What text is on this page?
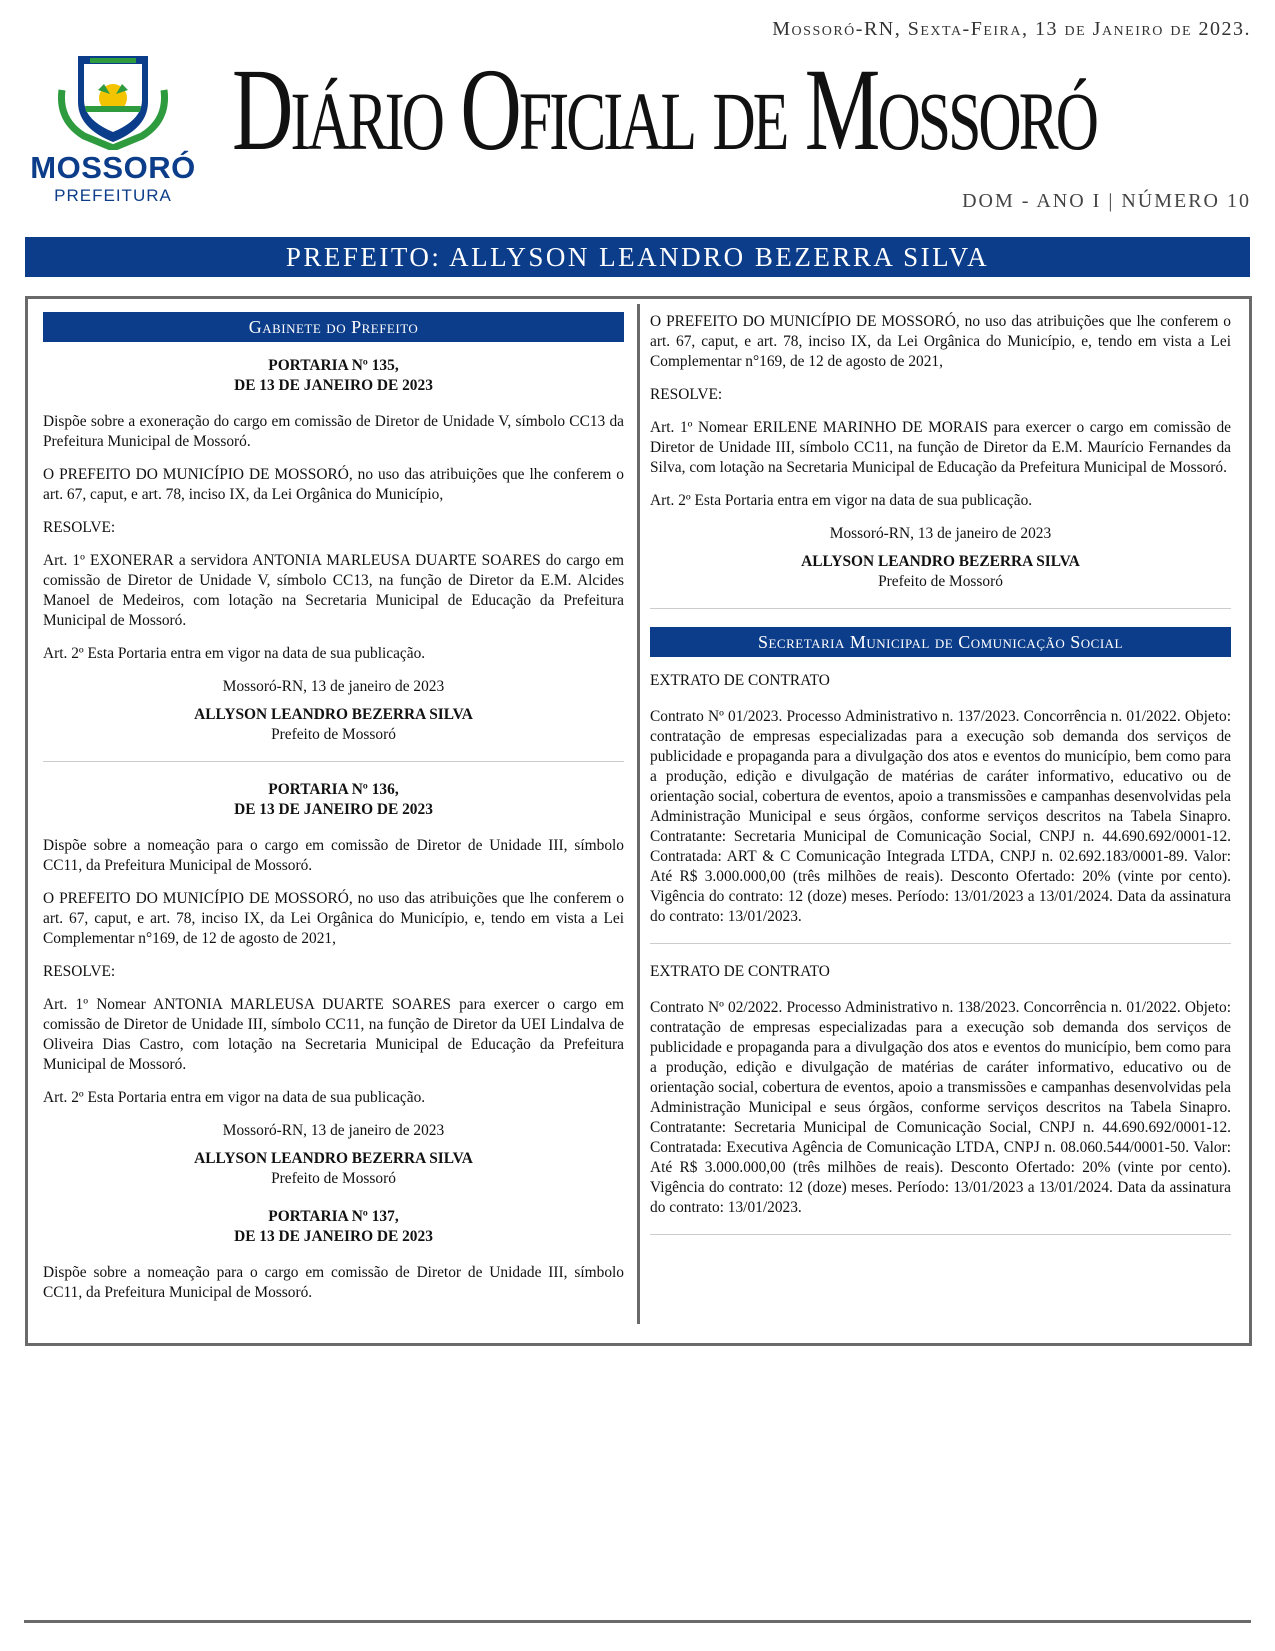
MOSSORÓ
PREFEITURA
Mossoró-RN, Sexta-Feira, 13 de Janeiro de 2023.
Diário Oficial de Mossoró
DOM - ANO I | NÚMERO 10
PREFEITO: ALLYSON LEANDRO BEZERRA SILVA
Gabinete do Prefeito

PORTARIA Nº 135,

DE 13 DE JANEIRO DE 2023

Dispõe sobre a exoneração do cargo em comissão de Diretor de Unidade V, símbolo CC13 da Prefeitura Municipal de Mossoró.

O PREFEITO DO MUNICÍPIO DE MOSSORÓ, no uso das atribuições que lhe conferem o art. 67, caput, e art. 78, inciso IX, da Lei Orgânica do Município,

RESOLVE:

Art. 1º EXONERAR a servidora ANTONIA MARLEUSA DUARTE SOARES do cargo em comissão de Diretor de Unidade V, símbolo CC13, na função de Diretor da E.M. Alcides Manoel de Medeiros, com lotação na Secretaria Municipal de Educação da Prefeitura Municipal de Mossoró.

Art. 2º Esta Portaria entra em vigor na data de sua publicação.

Mossoró-RN, 13 de janeiro de 2023

ALLYSON LEANDRO BEZERRA SILVA

Prefeito de Mossoró

PORTARIA Nº 136,

DE 13 DE JANEIRO DE 2023

Dispõe sobre a nomeação para o cargo em comissão de Diretor de Unidade III, símbolo CC11, da Prefeitura Municipal de Mossoró.

O PREFEITO DO MUNICÍPIO DE MOSSORÓ, no uso das atribuições que lhe conferem o art. 67, caput, e art. 78, inciso IX, da Lei Orgânica do Município, e, tendo em vista a Lei Complementar n°169, de 12 de agosto de 2021,

RESOLVE:

Art. 1º Nomear ANTONIA MARLEUSA DUARTE SOARES para exercer o cargo em comissão de Diretor de Unidade III, símbolo CC11, na função de Diretor da UEI Lindalva de Oliveira Dias Castro, com lotação na Secretaria Municipal de Educação da Prefeitura Municipal de Mossoró.

Art. 2º Esta Portaria entra em vigor na data de sua publicação.

Mossoró-RN, 13 de janeiro de 2023

ALLYSON LEANDRO BEZERRA SILVA

Prefeito de Mossoró

PORTARIA Nº 137,

DE 13 DE JANEIRO DE 2023

Dispõe sobre a nomeação para o cargo em comissão de Diretor de Unidade III, símbolo CC11, da Prefeitura Municipal de Mossoró.

O PREFEITO DO MUNICÍPIO DE MOSSORÓ, no uso das atribuições que lhe conferem o art. 67, caput, e art. 78, inciso IX, da Lei Orgânica do Município, e, tendo em vista a Lei Complementar n°169, de 12 de agosto de 2021,

RESOLVE:

Art. 1º Nomear ERILENE MARINHO DE MORAIS para exercer o cargo em comissão de Diretor de Unidade III, símbolo CC11, na função de Diretor da E.M. Maurício Fernandes da Silva, com lotação na Secretaria Municipal de Educação da Prefeitura Municipal de Mossoró.

Art. 2º Esta Portaria entra em vigor na data de sua publicação.

Mossoró-RN, 13 de janeiro de 2023

ALLYSON LEANDRO BEZERRA SILVA

Prefeito de Mossoró

Secretaria Municipal de Comunicação Social

EXTRATO DE CONTRATO

Contrato Nº 01/2023. Processo Administrativo n. 137/2023. Concorrência n. 01/2022. Objeto: contratação de empresas especializadas para a execução sob demanda dos serviços de publicidade e propaganda para a divulgação dos atos e eventos do município, bem como para a produção, edição e divulgação de matérias de caráter informativo, educativo ou de orientação social, cobertura de eventos, apoio a transmissões e campanhas desenvolvidas pela Administração Municipal e seus órgãos, conforme serviços descritos na Tabela Sinapro. Contratante: Secretaria Municipal de Comunicação Social, CNPJ n. 44.690.692/0001-12. Contratada: ART & C Comunicação Integrada LTDA, CNPJ n. 02.692.183/0001-89. Valor: Até R$ 3.000.000,00 (três milhões de reais). Desconto Ofertado: 20% (vinte por cento). Vigência do contrato: 12 (doze) meses. Período: 13/01/2023 a 13/01/2024. Data da assinatura do contrato: 13/01/2023.

EXTRATO DE CONTRATO

Contrato Nº 02/2022. Processo Administrativo n. 138/2023. Concorrência n. 01/2022. Objeto: contratação de empresas especializadas para a execução sob demanda dos serviços de publicidade e propaganda para a divulgação dos atos e eventos do município, bem como para a produção, edição e divulgação de matérias de caráter informativo, educativo ou de orientação social, cobertura de eventos, apoio a transmissões e campanhas desenvolvidas pela Administração Municipal e seus órgãos, conforme serviços descritos na Tabela Sinapro. Contratante: Secretaria Municipal de Comunicação Social, CNPJ n. 44.690.692/0001-12. Contratada: Executiva Agência de Comunicação LTDA, CNPJ n. 08.060.544/0001-50. Valor: Até R$ 3.000.000,00 (três milhões de reais). Desconto Ofertado: 20% (vinte por cento). Vigência do contrato: 12 (doze) meses. Período: 13/01/2023 a 13/01/2024. Data da assinatura do contrato: 13/01/2023.
